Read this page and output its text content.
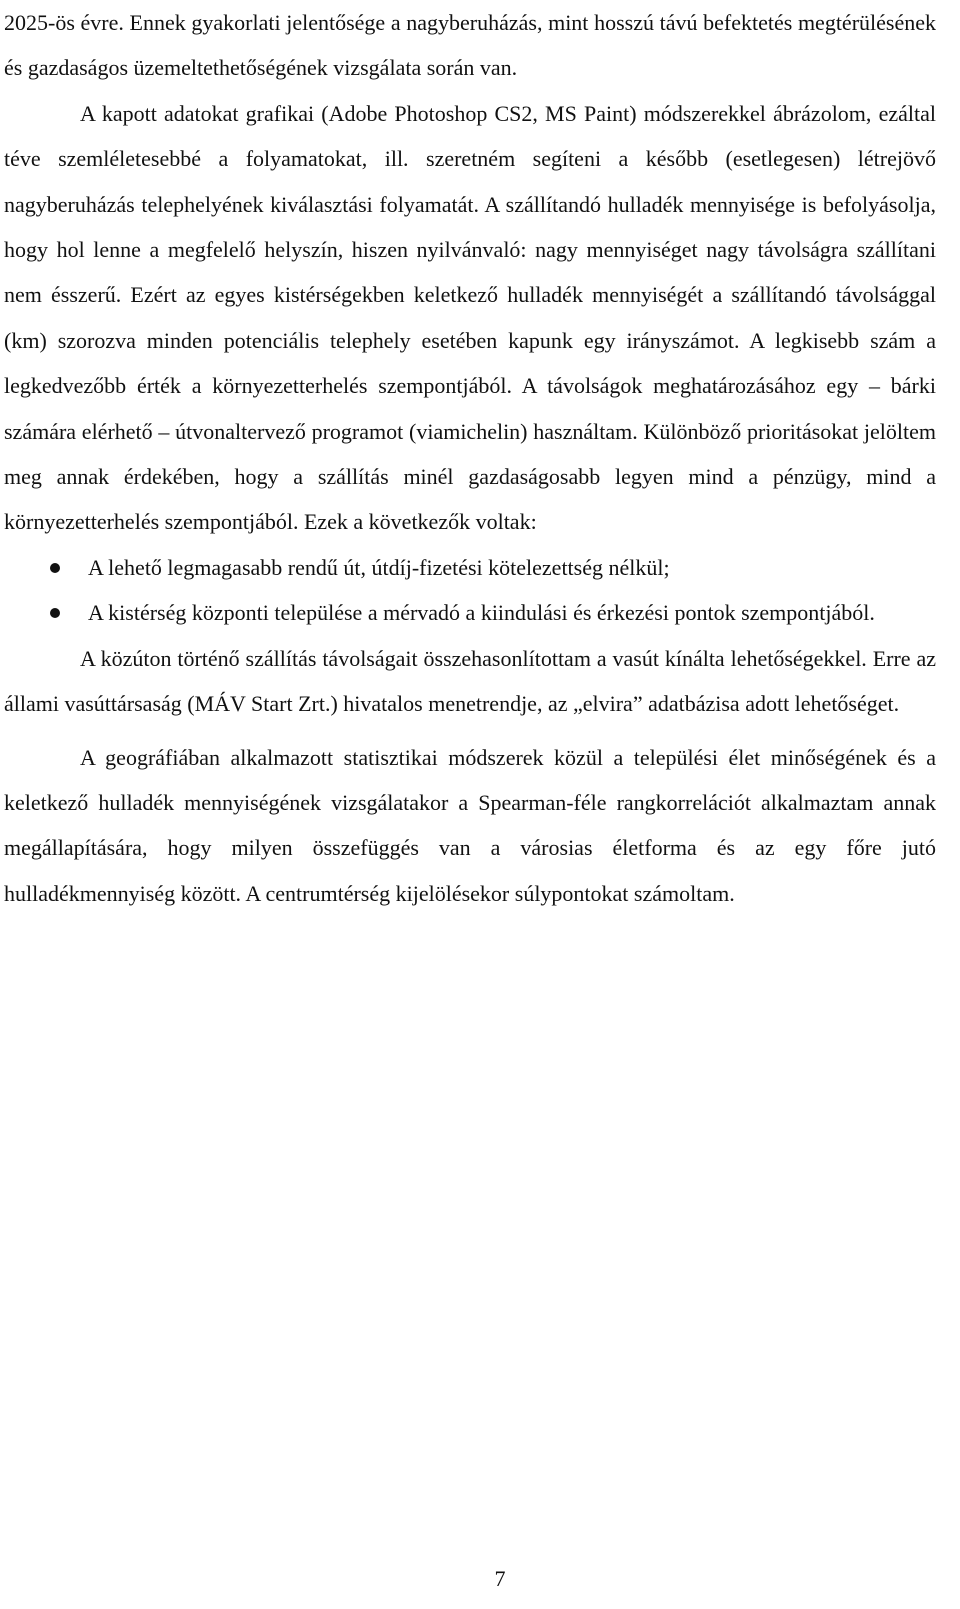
2025-ös évre. Ennek gyakorlati jelentősége a nagyberuházás, mint hosszú távú befektetés megtérülésének és gazdaságos üzemeltethetőségének vizsgálata során van.

A kapott adatokat grafikai (Adobe Photoshop CS2, MS Paint) módszerekkel ábrázolom, ezáltal téve szemléletesebbé a folyamatokat, ill. szeretném segíteni a később (esetlegesen) létrejövő nagyberuházás telephelyének kiválasztási folyamatát. A szállítandó hulladék mennyisége is befolyásolja, hogy hol lenne a megfelelő helyszín, hiszen nyilvánvaló: nagy mennyiséget nagy távolságra szállítani nem ésszerű. Ezért az egyes kistérségekben keletkező hulladék mennyiségét a szállítandó távolsággal (km) szorozva minden potenciális telephely esetében kapunk egy irányszámot. A legkisebb szám a legkedvezőbb érték a környezetterhelés szempontjából. A távolságok meghatározásához egy – bárki számára elérhető – útvonaltervező programot (viamichelin) használtam. Különböző prioritásokat jelöltem meg annak érdekében, hogy a szállítás minél gazdaságosabb legyen mind a pénzügy, mind a környezetterhelés szempontjából. Ezek a következők voltak:

A lehető legmagasabb rendű út, útdíj-fizetési kötelezettség nélkül;
A kistérség központi települése a mérvadó a kiindulási és érkezési pontok szempontjából.

A közúton történő szállítás távolságait összehasonlítottam a vasút kínálta lehetőségekkel. Erre az állami vasúttársaság (MÁV Start Zrt.) hivatalos menetrendje, az „elvira” adatbázisa adott lehetőséget.

A geográfiában alkalmazott statisztikai módszerek közül a települési élet minőségének és a keletkező hulladék mennyiségének vizsgálatakor a Spearman-féle rangkorrelációt alkalmaztam annak megállapítására, hogy milyen összefüggés van a városias életforma és az egy főre jutó hulladékmennyiség között. A centrumtérség kijelölésekor súlypontokat számoltam.

7
